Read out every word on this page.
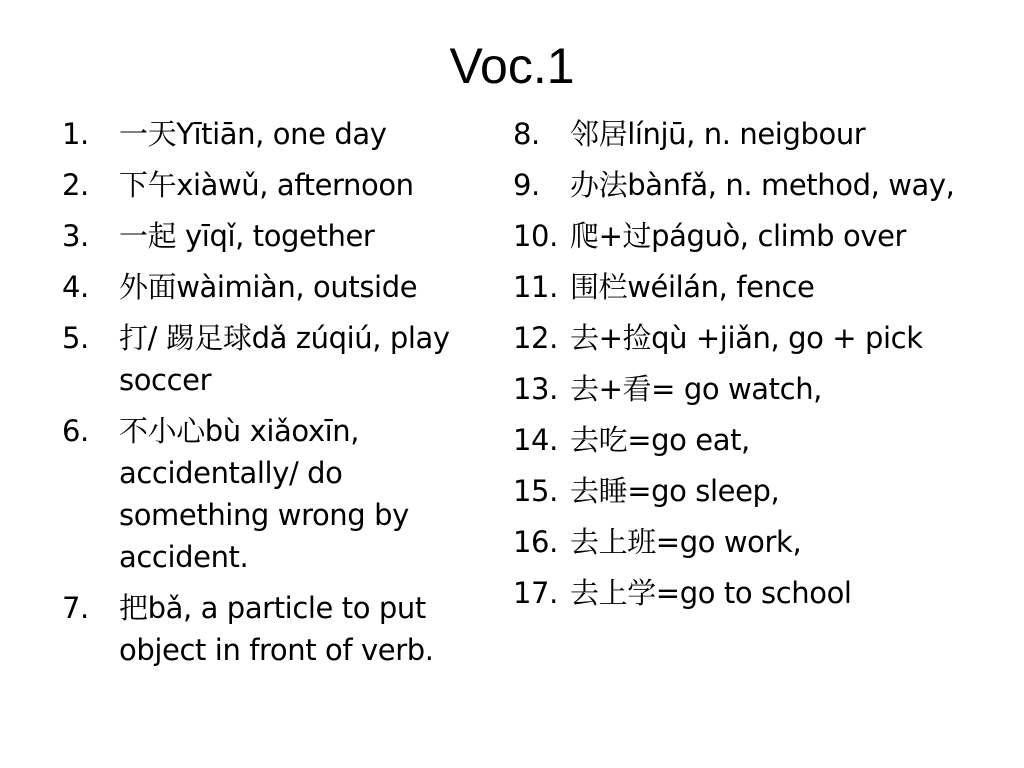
Voc.1
1. 一天Yītiān, one day
2. 下午xiàwǔ, afternoon
3. 一起 yīqǐ, together
4. 外面wàimiàn, outside
5. 打/ 踢足球dǎ zúqiú, play soccer
6. 不小心bù xiǎoxīn, accidentally/ do something wrong by accident.
7. 把bǎ, a particle to put object in front of verb.
8. 邻居línjū, n. neigbour
9. 办法bànfǎ, n. method, way,
10. 爬+过páguò, climb over
11. 围栏wéilán, fence
12. 去+捡qù +jiǎn, go + pick
13. 去+看= go watch,
14. 去吃=go eat,
15. 去睡=go sleep,
16. 去上班=go work,
17. 去上学=go to school
